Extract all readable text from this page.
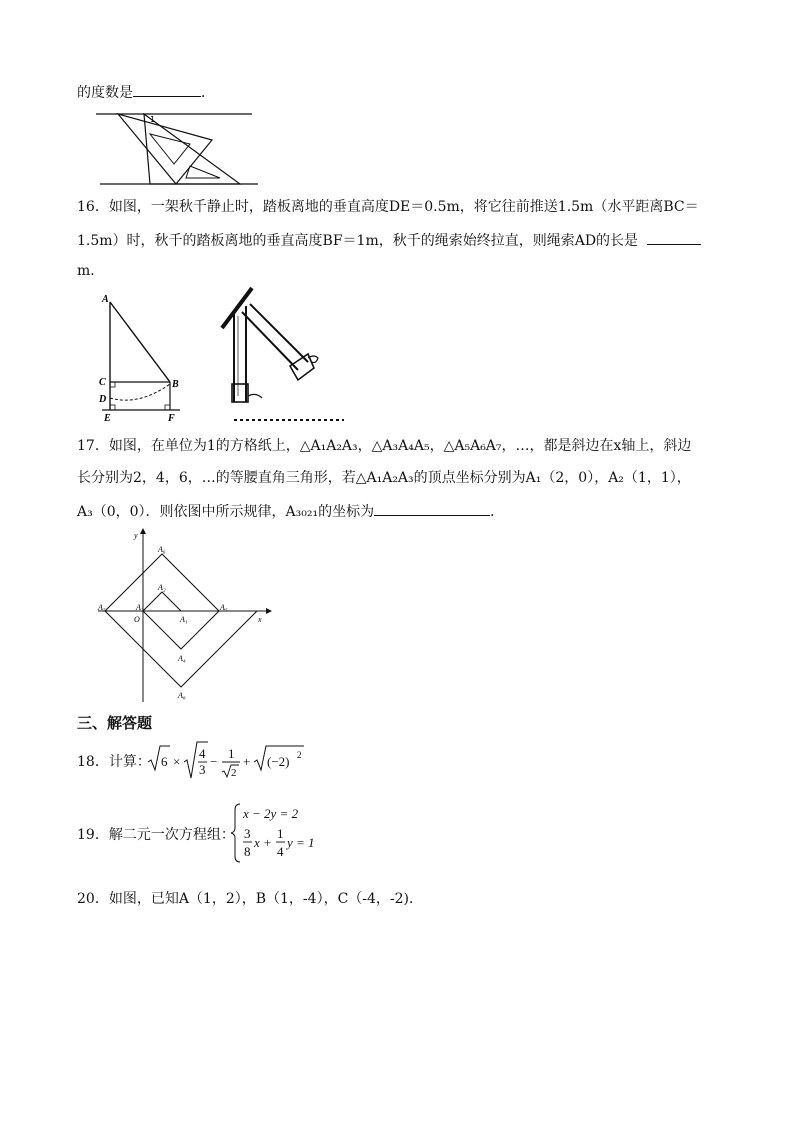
的度数是	．
1
16．如图，一架秋千静止时，踏板离地的垂直高度DE＝0.5m，将它往前推送1.5m（水平距离BC＝
1.5m）时，秋千的踏板离地的垂直高度BF＝1m，秋千的绳索始终拉直，则绳索AD的长是
m．
A
C	B
D
E	F
17．如图，在单位为1的方格纸上，△A₁A₂A₃，△A₃A₄A₅，△A₅A₆A₇，…，都是斜边在x轴上，斜边
长分别为2，4，6，…的等腰直角三角形，若△A₁A₂A₃的顶点坐标分别为A₁（2，0），A₂（1，1），
A₃（0，0）．则依图中所示规律，A₃₀₂₁的坐标为	．
y
x
O	A₁
A₂
A₃
A₄
A₅
A₆
A₇
A₈
三、解答题
18．计算： 6 ×
4
3
−
1
2
+ (−2) 2
19．解二元一次方程组：
x − 2y = 2
3
8
x +
1
4
y = 1
20．如图，已知A（1，2），B（1，-4），C（-4，-2)．
